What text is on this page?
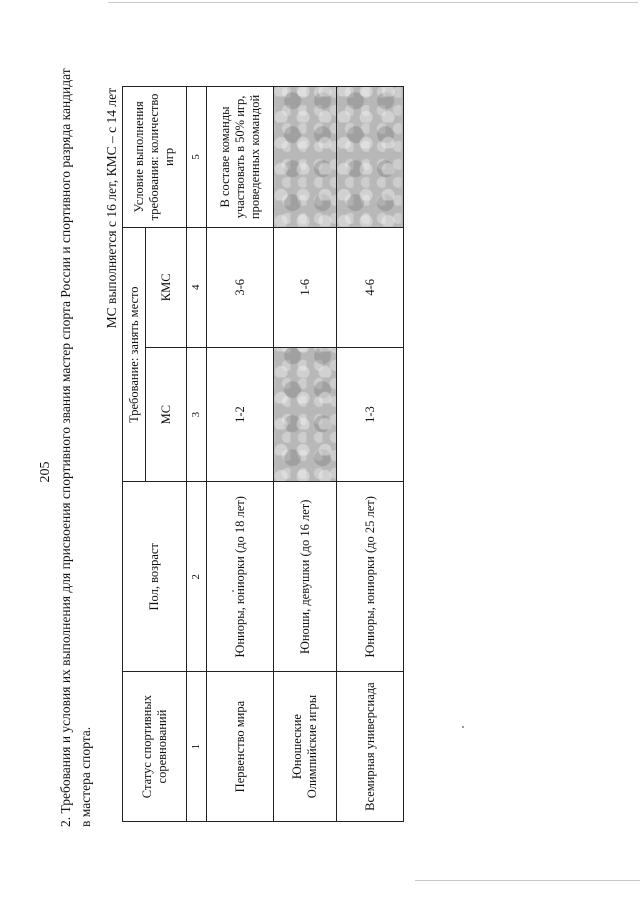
205 2. Требования и условия их выполнения для присвоения спортивного звания мастер спорта России и спортивного разряда кандидат в мастера спорта.
МС выполняется с 16 лет, КМС – с 14 лет
Статус спортивных соревнований	Пол, возраст	Требование: занять место		Условие выполнения требования: количество игр
		МС	КМС	
1	2	3	4	5
Первенство мира	Юниоры, юниорки (до 18 лет)	1-2	3-6	В составе команды участвовать в 50% игр, проведенных командой
Юношеские Олимпийские игры	Юноши, девушки (до 16 лет)		1-6	
Всемирная универсиада	Юниоры, юниорки (до 25 лет)	1-3	4-6	
